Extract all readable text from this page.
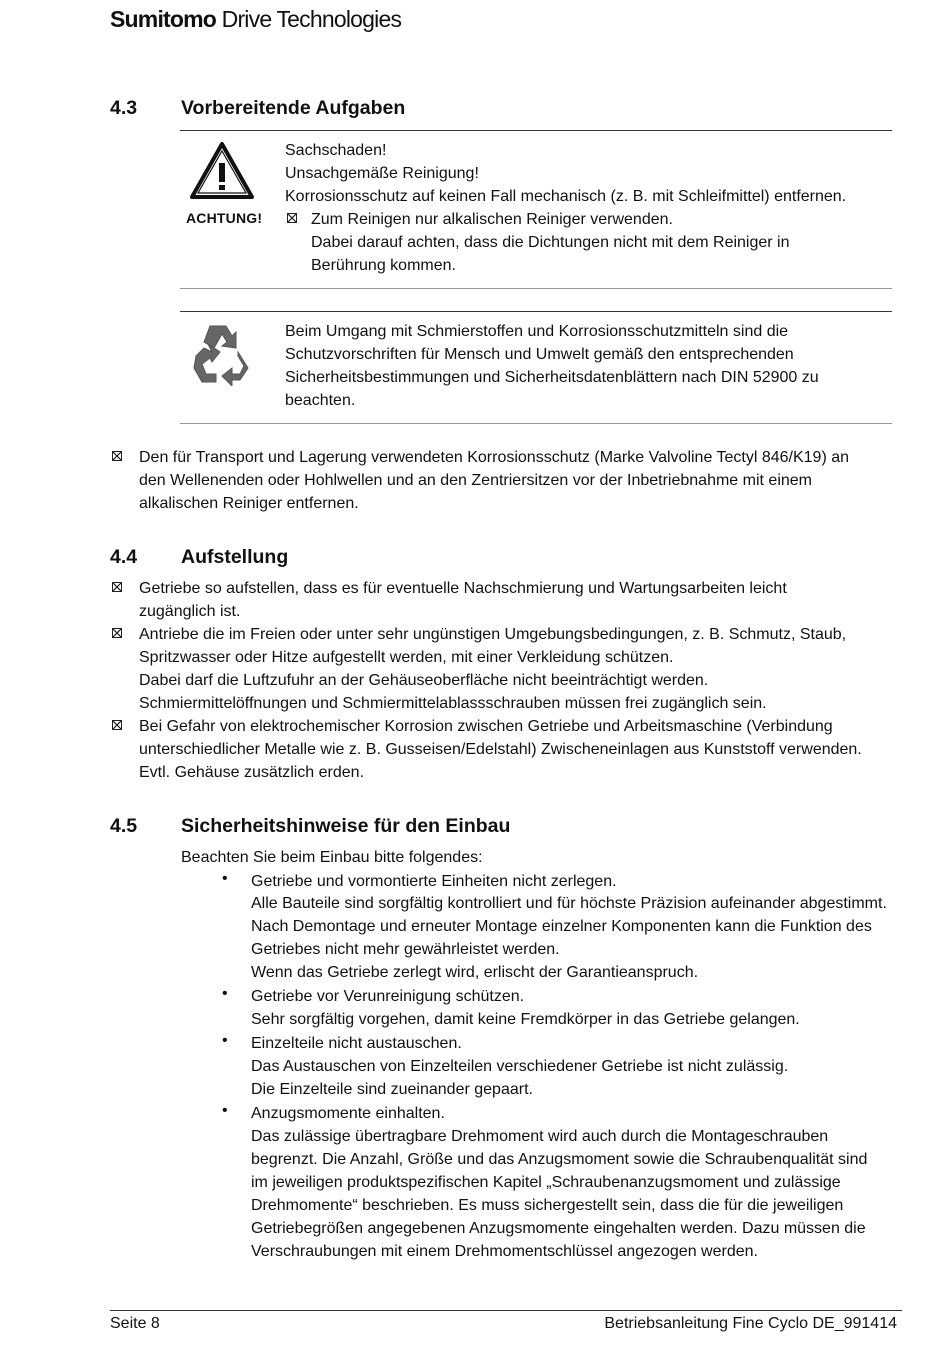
Sumitomo Drive Technologies
4.3 Vorbereitende Aufgaben
ACHTUNG!
Sachschaden!
Unsachgemäße Reinigung!
Korrosionsschutz auf keinen Fall mechanisch (z. B. mit Schleifmittel) entfernen.
Zum Reinigen nur alkalischen Reiniger verwenden.
Dabei darauf achten, dass die Dichtungen nicht mit dem Reiniger in
Berührung kommen.
Beim Umgang mit Schmierstoffen und Korrosionsschutzmitteln sind die
Schutzvorschriften für Mensch und Umwelt gemäß den entsprechenden
Sicherheitsbestimmungen und Sicherheitsdatenblättern nach DIN 52900 zu
beachten.
Den für Transport und Lagerung verwendeten Korrosionsschutz (Marke Valvoline Tectyl 846/K19) an
den Wellenenden oder Hohlwellen und an den Zentriersitzen vor der Inbetriebnahme mit einem
alkalischen Reiniger entfernen.
4.4 Aufstellung
Getriebe so aufstellen, dass es für eventuelle Nachschmierung und Wartungsarbeiten leicht
zugänglich ist.
Antriebe die im Freien oder unter sehr ungünstigen Umgebungsbedingungen, z. B. Schmutz, Staub,
Spritzwasser oder Hitze aufgestellt werden, mit einer Verkleidung schützen.
Dabei darf die Luftzufuhr an der Gehäuseoberfläche nicht beeinträchtigt werden.
Schmiermittelöffnungen und Schmiermittelablassschrauben müssen frei zugänglich sein.
Bei Gefahr von elektrochemischer Korrosion zwischen Getriebe und Arbeitsmaschine (Verbindung
unterschiedlicher Metalle wie z. B. Gusseisen/Edelstahl) Zwischeneinlagen aus Kunststoff verwenden.
Evtl. Gehäuse zusätzlich erden.
4.5 Sicherheitshinweise für den Einbau
Beachten Sie beim Einbau bitte folgendes:
• Getriebe und vormontierte Einheiten nicht zerlegen.
Alle Bauteile sind sorgfältig kontrolliert und für höchste Präzision aufeinander abgestimmt.
Nach Demontage und erneuter Montage einzelner Komponenten kann die Funktion des
Getriebes nicht mehr gewährleistet werden.
Wenn das Getriebe zerlegt wird, erlischt der Garantieanspruch.
• Getriebe vor Verunreinigung schützen.
Sehr sorgfältig vorgehen, damit keine Fremdkörper in das Getriebe gelangen.
• Einzelteile nicht austauschen.
Das Austauschen von Einzelteilen verschiedener Getriebe ist nicht zulässig.
Die Einzelteile sind zueinander gepaart.
• Anzugsmomente einhalten.
Das zulässige übertragbare Drehmoment wird auch durch die Montageschrauben
begrenzt. Die Anzahl, Größe und das Anzugsmoment sowie die Schraubenqualität sind
im jeweiligen produktspezifischen Kapitel „Schraubenanzugsmoment und zulässige
Drehmomente“ beschrieben. Es muss sichergestellt sein, dass die für die jeweiligen
Getriebegrößen angegebenen Anzugsmomente eingehalten werden. Dazu müssen die
Verschraubungen mit einem Drehmomentschlüssel angezogen werden.
Seite 8	Betriebsanleitung Fine Cyclo DE_991414
